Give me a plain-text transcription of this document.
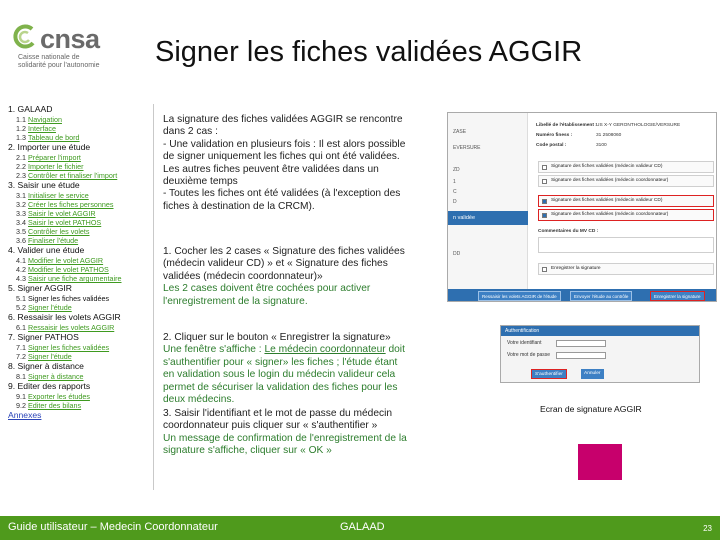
cnsa
Caisse nationale de
solidarité pour l'autonomie Signer les fiches validées AGGIR
1. GALAAD
1.1 Navigation
1.2 Interface
1.3 Tableau de bord
2. Importer une étude
2.1 Préparer l'import
2.2 Importer le fichier
2.3 Contrôler et finaliser l'import
3. Saisir une étude
3.1 Initialiser le service
3.2 Créer les fiches personnes
3.3 Saisir le volet AGGIR
3.4 Saisir le volet PATHOS
3.5 Contrôler les volets
3.6 Finaliser l'étude
4. Valider une étude
4.1 Modifier le volet AGGIR
4.2 Modifier le volet PATHOS
4.3 Saisir une fiche argumentaire
5. Signer AGGIR
5.1 Signer les fiches validées
5.2 Signer l'étude
6. Ressaisir les volets AGGIR
6.1 Ressaisir les volets AGGIR
7. Signer PATHOS
7.1 Signer les fiches validées
7.2 Signer l'étude
8. Signer à distance
8.1 Signer à distance
9. Editer des rapports
9.1 Exporter les études
9.2 Editer des bilans
Annexes
La signature des fiches validées AGGIR se rencontre
dans 2 cas :
- Une validation en plusieurs fois : Il est alors possible
de signer uniquement les fiches qui ont été validées.
Les autres fiches peuvent être validées dans un
deuxième temps
- Toutes les fiches ont été validées (à l'exception des
fiches à destination de la CRCM).
1. Cocher les 2 cases « Signature des fiches validées
(médecin valideur CD) » et « Signature des fiches
validées (médecin coordonnateur)»
Les 2 cases doivent être cochées pour activer
l'enregistrement de la signature.
2. Cliquer sur le bouton « Enregistrer la signature»
Une fenêtre s'affiche : Le médecin coordonnateur doit
s'authentifier pour « signer» les fiches ; l'étude étant
en validation sous le login du médecin valideur cela
permet de sécuriser la validation des fiches pour les
deux médecins.
3. Saisir l'identifiant et le mot de passe du médecin
coordonnateur puis cliquer sur « s'authentifier »
Un message de confirmation de l'enregistrement de la
signature s'affiche, cliquer sur « OK »
ZASE
EVERSURE
ZD
1
C
D
n validée
DD
Libellé de l'établissement : US X-Y GERONTHOLOGIE/VERSURE
Numéro finess :	31 2508060
Code postal :	3100
Signature des fiches validées (médecin valideur CD)
Signature des fiches validées (médecin coordonnateur)
Signature des fiches validées (médecin valideur CD)
Signature des fiches validées (médecin coordonnateur)
Commentaires du MV CD :
Enregistrer la signature
Ressaisir les volets AGGIR de l'étude	Envoyer l'étude au contrôle	Enregistrer la signature
Authentification
Votre identifiant
Votre mot de passe
S'authentifier	Annuler
Ecran de signature AGGIR
Guide utilisateur – Medecin Coordonnateur	GALAAD	23
